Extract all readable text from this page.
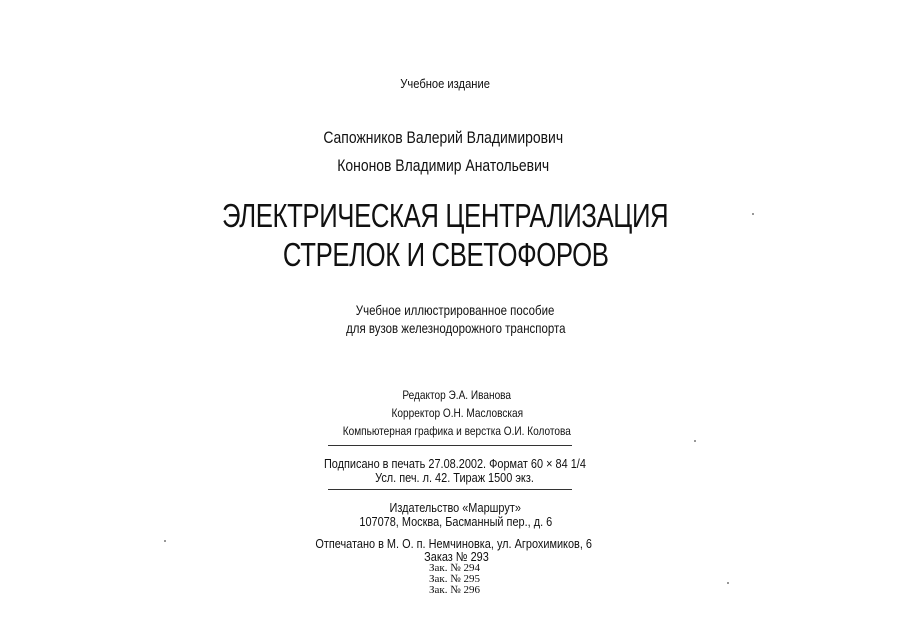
Учебное издание
Сапожников Валерий Владимирович
Кононов Владимир Анатольевич
ЭЛЕКТРИЧЕСКАЯ ЦЕНТРАЛИЗАЦИЯ
СТРЕЛОК И СВЕТОФОРОВ
Учебное иллюстрированное пособие
для вузов железнодорожного транспорта
Редактор Э.А. Иванова
Корректор О.Н. Масловская
Компьютерная графика и верстка О.И. Колотова
Подписано в печать 27.08.2002. Формат 60 × 84 1/4
Усл. печ. л. 42. Тираж 1500 экз.
Издательство «Маршрут»
107078, Москва, Басманный пер., д. 6
Отпечатано в М. О. п. Немчиновка, ул. Агрохимиков, 6
Заказ № 293
Зак. № 294
Зак. № 295
Зак. № 296
